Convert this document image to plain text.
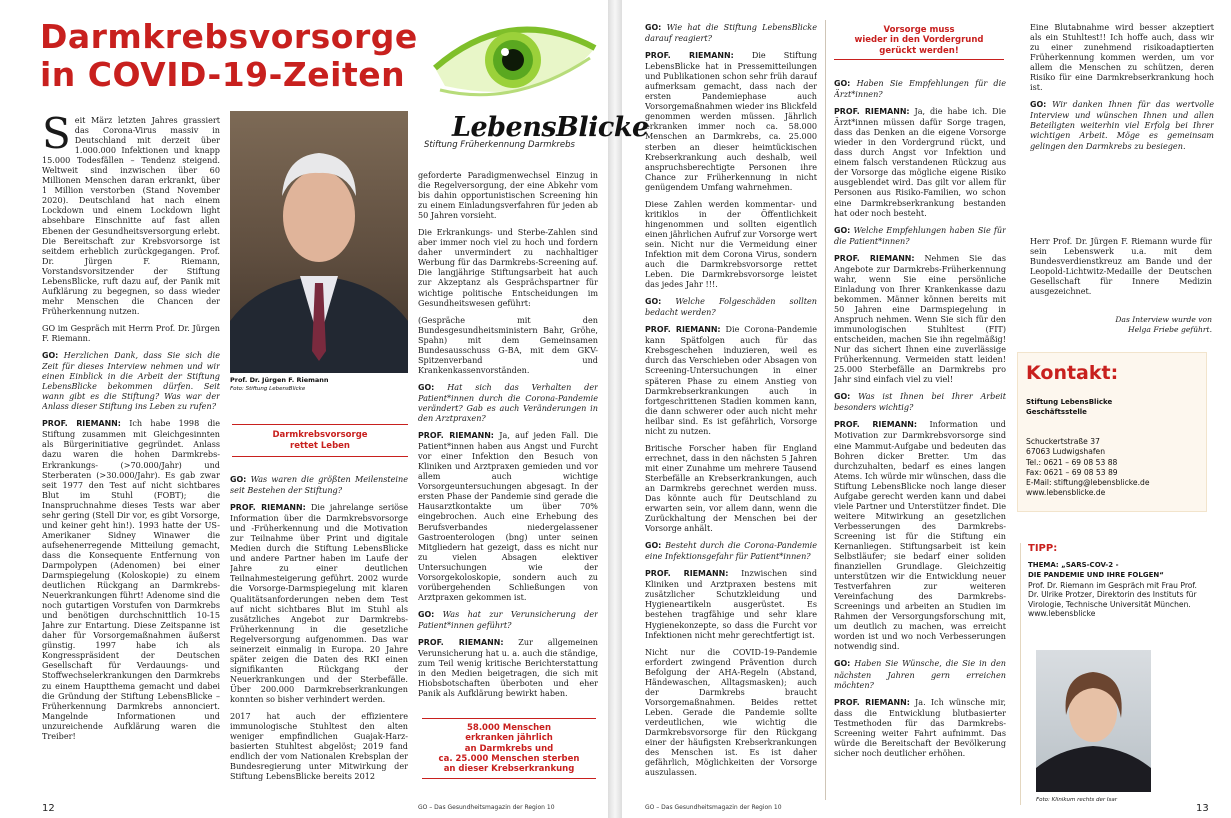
Darmkrebsvorsorge in COVID-19-Zeiten
LebensBlicke
Stiftung Früherkennung Darmkrebs

Seit März letzten Jahres grassiert das Corona-Virus massiv in Deutschland mit derzeit über 1.000.000 Infektionen und knapp 15.000 Todesfällen – Tendenz steigend. Weltweit sind inzwischen über 60 Millionen Menschen daran erkrankt, über 1 Million verstorben (Stand November 2020). Deutschland hat nach einem Lockdown und einem Lockdown light absehbare Einschnitte auf fast allen Ebenen der Gesundheitsversorgung erlebt. Die Bereitschaft zur Krebsvorsorge ist seitdem erheblich zurückgegangen. Prof. Dr. Jürgen F. Riemann, Vorstandsvorsitzender der Stiftung LebensBlicke, ruft dazu auf, der Panik mit Aufklärung zu begegnen, so dass wieder mehr Menschen die Chancen der Früherkennung nutzen.

GO im Gespräch mit Herrn Prof. Dr. Jürgen F. Riemann.

GO: Herzlichen Dank, dass Sie sich die Zeit für dieses Interview nehmen und wir einen Einblick in die Arbeit der Stiftung LebensBlicke bekommen dürfen. Seit wann gibt es die Stiftung? Was war der Anlass dieser Stiftung ins Leben zu rufen?

PROF. RIEMANN: Ich habe 1998 die Stiftung zusammen mit Gleichgesinnten als Bürgerinitiative gegründet. Anlass dazu waren die hohen Darmkrebs- Erkrankungs- (>70.000/Jahr) und Sterberaten (>30.000/Jahr). Es gab zwar seit 1977 den Test auf nicht sichtbares Blut im Stuhl (FOBT); die Inanspruchnahme dieses Tests war aber sehr gering (Stell Dir vor, es gibt Vorsorge, und keiner geht hin!). 1993 hatte der US-Amerikaner Sidney Winawer die aufsehenerregende Mitteilung gemacht, dass die Konsequente Entfernung von Darmpolypen (Adenomen) bei einer Darmspiegelung (Koloskopie) zu einem deutlichen Rückgang an Darmkrebs-Neuerkrankungen führt! Adenome sind die noch gutartigen Vorstufen von Darmkrebs und benötigen durchschnittlich 10-15 Jahre zur Entartung. Diese Zeitspanne ist daher für Vorsorgemaßnahmen äußerst günstig. 1997 habe ich als Kongresspräsident der Deutschen Gesellschaft für Verdauungs- und Stoffwechselerkrankungen den Darmkrebs zu einem Hauptthema gemacht und dabei die Gründung der Stiftung LebensBlicke – Früherkennung Darmkrebs annonciert. Mangelnde Informationen und unzureichende Aufklärung waren die Treiber!

Prof. Dr. Jürgen F. Riemann
Foto: Stiftung LebensBlicke
Darmkrebsvorsorge
rettet Leben

GO: Was waren die größten Meilensteine seit Bestehen der Stiftung?

PROF. RIEMANN: Die jahrelange seriöse Information über die Darmkrebsvorsorge und -Früherkennung und die Motivation zur Teilnahme über Print und digitale Medien durch die Stiftung LebensBlicke und andere Partner haben im Laufe der Jahre zu einer deutlichen Teilnahmesteigerung geführt. 2002 wurde die Vorsorge-Darmspiegelung mit klaren Qualitätsanforderungen neben dem Test auf nicht sichtbares Blut im Stuhl als zusätzliches Angebot zur Darmkrebs-Früherkennung in die gesetzliche Regelversorgung aufgenommen. Das war seinerzeit einmalig in Europa. 20 Jahre später zeigen die Daten des RKI einen signifikanten Rückgang der Neuerkrankungen und der Sterbefälle. Über 200.000 Darmkrebserkrankungen konnten so bisher verhindert werden.

2017 hat auch der effizientere immunologische Stuhltest den alten weniger empfindlichen Guajak-Harz-basierten Stuhltest abgelöst; 2019 fand endlich der vom Nationalen Krebsplan der Bundesregierung unter Mitwirkung der Stiftung LebensBlicke bereits 2012

geforderte Paradigmenwechsel Einzug in die Regelversorgung, der eine Abkehr vom bis dahin opportunistischen Screening hin zu einem Einladungsverfahren für jeden ab 50 Jahren vorsieht.

Die Erkrankungs- und Sterbe-Zahlen sind aber immer noch viel zu hoch und fordern daher unvermindert zu nachhaltiger Werbung für das Darmkrebs-Screening auf. Die langjährige Stiftungsarbeit hat auch zur Akzeptanz als Gesprächspartner für wichtige politische Entscheidungen im Gesundheitswesen geführt:

(Gespräche mit den Bundesgesundheitsministern Bahr, Gröhe, Spahn) mit dem Gemeinsamen Bundesausschuss G-BA, mit dem GKV-Spitzenverband und Krankenkassenvorständen.

GO: Hat sich das Verhalten der Patient*innen durch die Corona-Pandemie verändert? Gab es auch Veränderungen in den Arztpraxen?

PROF. RIEMANN: Ja, auf jeden Fall. Die Patient*innen haben aus Angst und Furcht vor einer Infektion den Besuch von Kliniken und Arztpraxen gemieden und vor allem auch wichtige Vorsorgeuntersuchungen abgesagt. In der ersten Phase der Pandemie sind gerade die Hausarztkontakte um über 70% eingebrochen. Auch eine Erhebung des Berufsverbandes niedergelassener Gastroenterologen (bng) unter seinen Mitgliedern hat gezeigt, dass es nicht nur zu vielen Absagen elektiver Untersuchungen wie der Vorsorgekoloskopie, sondern auch zu vorübergehenden Schließungen von Arztpraxen gekommen ist.

GO: Was hat zur Verunsicherung der Patient*innen geführt?

PROF. RIEMANN: Zur allgemeinen Verunsicherung hat u. a. auch die ständige, zum Teil wenig kritische Berichterstattung in den Medien beigetragen, die sich mit Hiobsbotschaften überboten und eher Panik als Aufklärung bewirkt haben.

58.000 Menschen
erkranken jährlich
an Darmkrebs und
ca. 25.000 Menschen sterben
an dieser Krebserkrankung

GO: Wie hat die Stiftung LebensBlicke darauf reagiert?

PROF. RIEMANN: Die Stiftung LebensBlicke hat in Pressemitteilungen und Publikationen schon sehr früh darauf aufmerksam gemacht, dass nach der ersten Pandemiephase auch Vorsorgemaßnahmen wieder ins Blickfeld genommen werden müssen. Jährlich erkranken immer noch ca. 58.000 Menschen an Darmkrebs, ca. 25.000 sterben an dieser heimtückischen Krebserkrankung auch deshalb, weil anspruchsberechtigte Personen ihre Chance zur Früherkennung in nicht genügendem Umfang wahrnehmen.

Diese Zahlen werden kommentar- und kritiklos in der Öffentlichkeit hingenommen und sollten eigentlich einen jährlichen Aufruf zur Vorsorge wert sein. Nicht nur die Vermeidung einer Infektion mit dem Corona Virus, sondern auch die Darmkrebsvorsorge rettet Leben. Die Darmkrebsvorsorge leistet das jedes Jahr !!!.

GO: Welche Folgeschäden sollten bedacht werden?

PROF. RIEMANN: Die Corona-Pandemie kann Spätfolgen auch für das Krebsgeschehen induzieren, weil es durch das Verschieben oder Absagen von Screening-Untersuchungen in einer späteren Phase zu einem Anstieg von Darmkrebserkrankungen auch in fortgeschrittenen Stadien kommen kann, die dann schwerer oder auch nicht mehr heilbar sind. Es ist gefährlich, Vorsorge nicht zu nutzen.

Britische Forscher haben für England errechnet, dass in den nächsten 5 Jahren mit einer Zunahme um mehrere Tausend Sterbefälle an Krebserkrankungen, auch an Darmkrebs gerechnet werden muss. Das könnte auch für Deutschland zu erwarten sein, vor allem dann, wenn die Zurückhaltung der Menschen bei der Vorsorge anhält.

GO: Besteht durch die Corona-Pandemie eine Infektionsgefahr für Patient*innen?

PROF. RIEMANN: Inzwischen sind Kliniken und Arztpraxen bestens mit zusätzlicher Schutzkleidung und Hygieneartikeln ausgerüstet. Es bestehen tragfähige und sehr klare Hygienekonzepte, so dass die Furcht vor Infektionen nicht mehr gerechtfertigt ist.

Nicht nur die COVID-19-Pandemie erfordert zwingend Prävention durch Befolgung der AHA-Regeln (Abstand, Händewaschen, Alltagsmasken); auch der Darmkrebs braucht Vorsorgemaßnahmen. Beides rettet Leben. Gerade die Pandemie sollte verdeutlichen, wie wichtig die Darmkrebsvorsorge für den Rückgang einer der häufigsten Krebserkrankungen des Menschen ist. Es ist daher gefährlich, Möglichkeiten der Vorsorge auszulassen.

Vorsorge muss
wieder in den Vordergrund
gerückt werden!

GO: Haben Sie Empfehlungen für die Ärzt*innen?

PROF. RIEMANN: Ja, die habe ich. Die Ärzt*innen müssen dafür Sorge tragen, dass das Denken an die eigene Vorsorge wieder in den Vordergrund rückt, und dass durch Angst vor Infektion und einem falsch verstandenen Rückzug aus der Vorsorge das mögliche eigene Risiko ausgeblendet wird. Das gilt vor allem für Personen aus Risiko-Familien, wo schon eine Darmkrebserkrankung bestanden hat oder noch besteht.

GO: Welche Empfehlungen haben Sie für die Patient*innen?

PROF. RIEMANN: Nehmen Sie das Angebote zur Darmkrebs-Früherkennung wahr, wenn Sie eine persönliche Einladung von Ihrer Krankenkasse dazu bekommen. Männer können bereits mit 50 Jahren eine Darmspiegelung in Anspruch nehmen. Wenn Sie sich für den immunologischen Stuhltest (FIT) entscheiden, machen Sie ihn regelmäßig! Nur das sichert Ihnen eine zuverlässige Früherkennung. Vermeiden statt leiden! 25.000 Sterbefälle an Darmkrebs pro Jahr sind einfach viel zu viel!

GO: Was ist Ihnen bei Ihrer Arbeit besonders wichtig?

PROF. RIEMANN: Information und Motivation zur Darmkrebsvorsorge sind eine Mammut-Aufgabe und bedeuten das Bohren dicker Bretter. Um das durchzuhalten, bedarf es eines langen Atems. Ich würde mir wünschen, dass die Stiftung LebensBlicke noch lange dieser Aufgabe gerecht werden kann und dabei viele Partner und Unterstützer findet. Die weitere Mitwirkung an gesetzlichen Verbesserungen des Darmkrebs-Screening ist für die Stiftung ein Kernanliegen. Stiftungsarbeit ist kein Selbstläufer; sie bedarf einer soliden finanziellen Grundlage. Gleichzeitig unterstützen wir die Entwicklung neuer Testverfahren zur weiteren Vereinfachung des Darmkrebs-Screenings und arbeiten an Studien im Rahmen der Versorgungsforschung mit, um deutlich zu machen, was erreicht worden ist und wo noch Verbesserungen notwendig sind.

GO: Haben Sie Wünsche, die Sie in den nächsten Jahren gern erreichen möchten?

PROF. RIEMANN: Ja. Ich wünsche mir, dass die Entwicklung blutbasierter Testmethoden für das Darmkrebs-Screening weiter Fahrt aufnimmt. Das würde die Bereitschaft der Bevölkerung sicher noch deutlicher erhöhen.

Eine Blutabnahme wird besser akzeptiert als ein Stuhltest!! Ich hoffe auch, dass wir zu einer zunehmend risikoadaptierten Früherkennung kommen werden, um vor allem die Menschen zu schützen, deren Risiko für eine Darmkrebserkrankung hoch ist.

GO: Wir danken Ihnen für das wertvolle Interview und wünschen Ihnen und allen Beteiligten weiterhin viel Erfolg bei Ihrer wichtigen Arbeit. Möge es gemeinsam gelingen den Darmkrebs zu besiegen.

Herr Prof. Dr. Jürgen F. Riemann wurde für sein Lebenswerk u.a. mit dem Bundesverdienstkreuz am Bande und der Leopold-Lichtwitz-Medaille der Deutschen Gesellschaft für Innere Medizin ausgezeichnet.
Das Interview wurde von
Helga Friebe geführt.
Kontakt:
Stiftung LebensBlicke
Geschäftsstelle
Schuckertstraße 37
67063 Ludwigshafen
Tel.: 0621 – 69 08 53 88
Fax: 0621 – 69 08 53 89
E-Mail: stiftung@lebensblicke.de
www.lebensblicke.de
TIPP:
THEMA: „SARS-COV-2 -
DIE PANDEMIE UND IHRE FOLGEN“
Prof. Dr. Riemann im Gespräch mit Frau Prof. Dr. Ulrike Protzer, Direktorin des Instituts für Virologie, Technische Universität München.
www.lebensblicke
Foto: Klinikum rechts der Isar
12	GO – Das Gesundheitsmagazin der Region 10	GO – Das Gesundheitsmagazin der Region 10	13
